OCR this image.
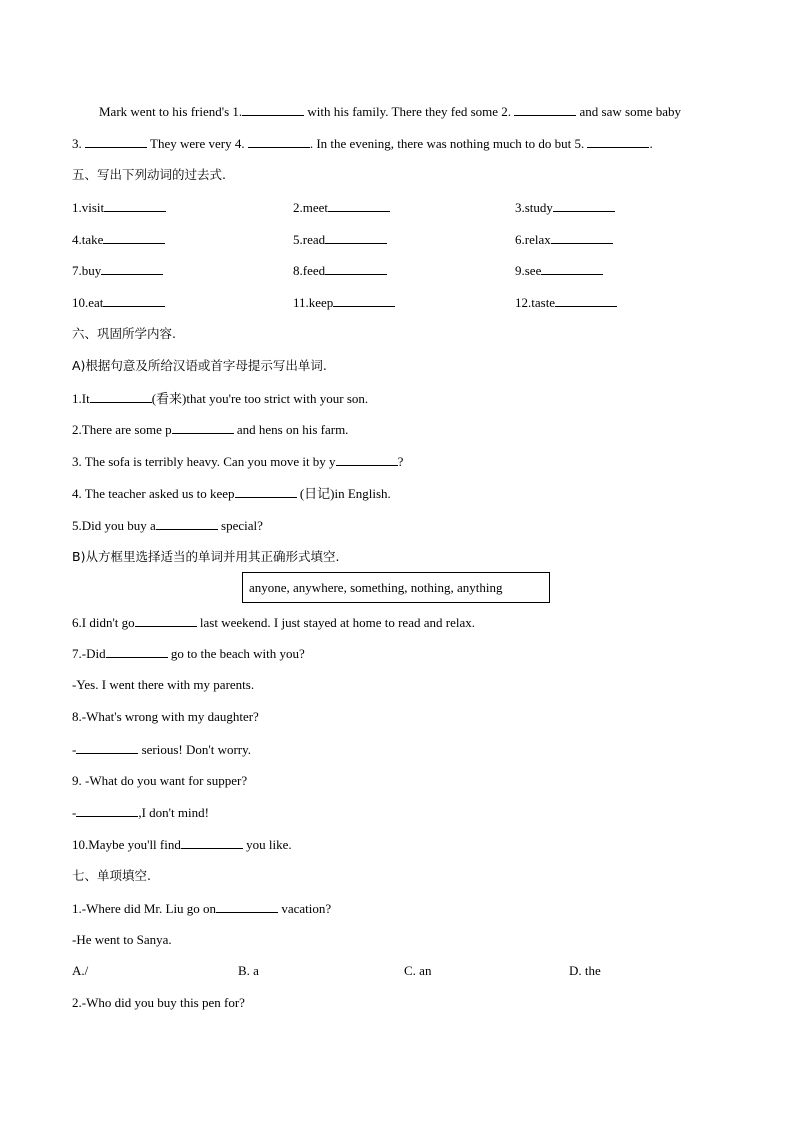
Mark went to his friend's 1.	with his family. There they fed some 2.	and saw some baby
3.	They were very 4.	. In the evening, there was nothing much to do but 5.	.
五、写出下列动词的过去式.
1.visit	2.meet	3.study
4.take	5.read	6.relax
7.buy	8.feed	9.see
10.eat	11.keep	12.taste
六、巩固所学内容.
A)根据句意及所给汉语或首字母提示写出单词.
1.It	(看来)that you're too strict with your son.
2.There are some p	and hens on his farm.
3. The sofa is terribly heavy. Can you move it by y	?
4. The teacher asked us to keep	(日记)in English.
5.Did you buy a	special?
B)从方框里选择适当的单词并用其正确形式填空.
anyone, anywhere, something, nothing, anything
6.I didn't go	last weekend. I just stayed at home to read and relax.
7.-Did	go to the beach with you?
-Yes. I went there with my parents.
8.-What's wrong with my daughter?
-	serious! Don't worry.
9. -What do you want for supper?
-	,I don't mind!
10.Maybe you'll find	you like.
七、单项填空.
1.-Where did Mr. Liu go on	vacation?
-He went to Sanya.
A./	B. a	C. an	D. the
2.-Who did you buy this pen for?
